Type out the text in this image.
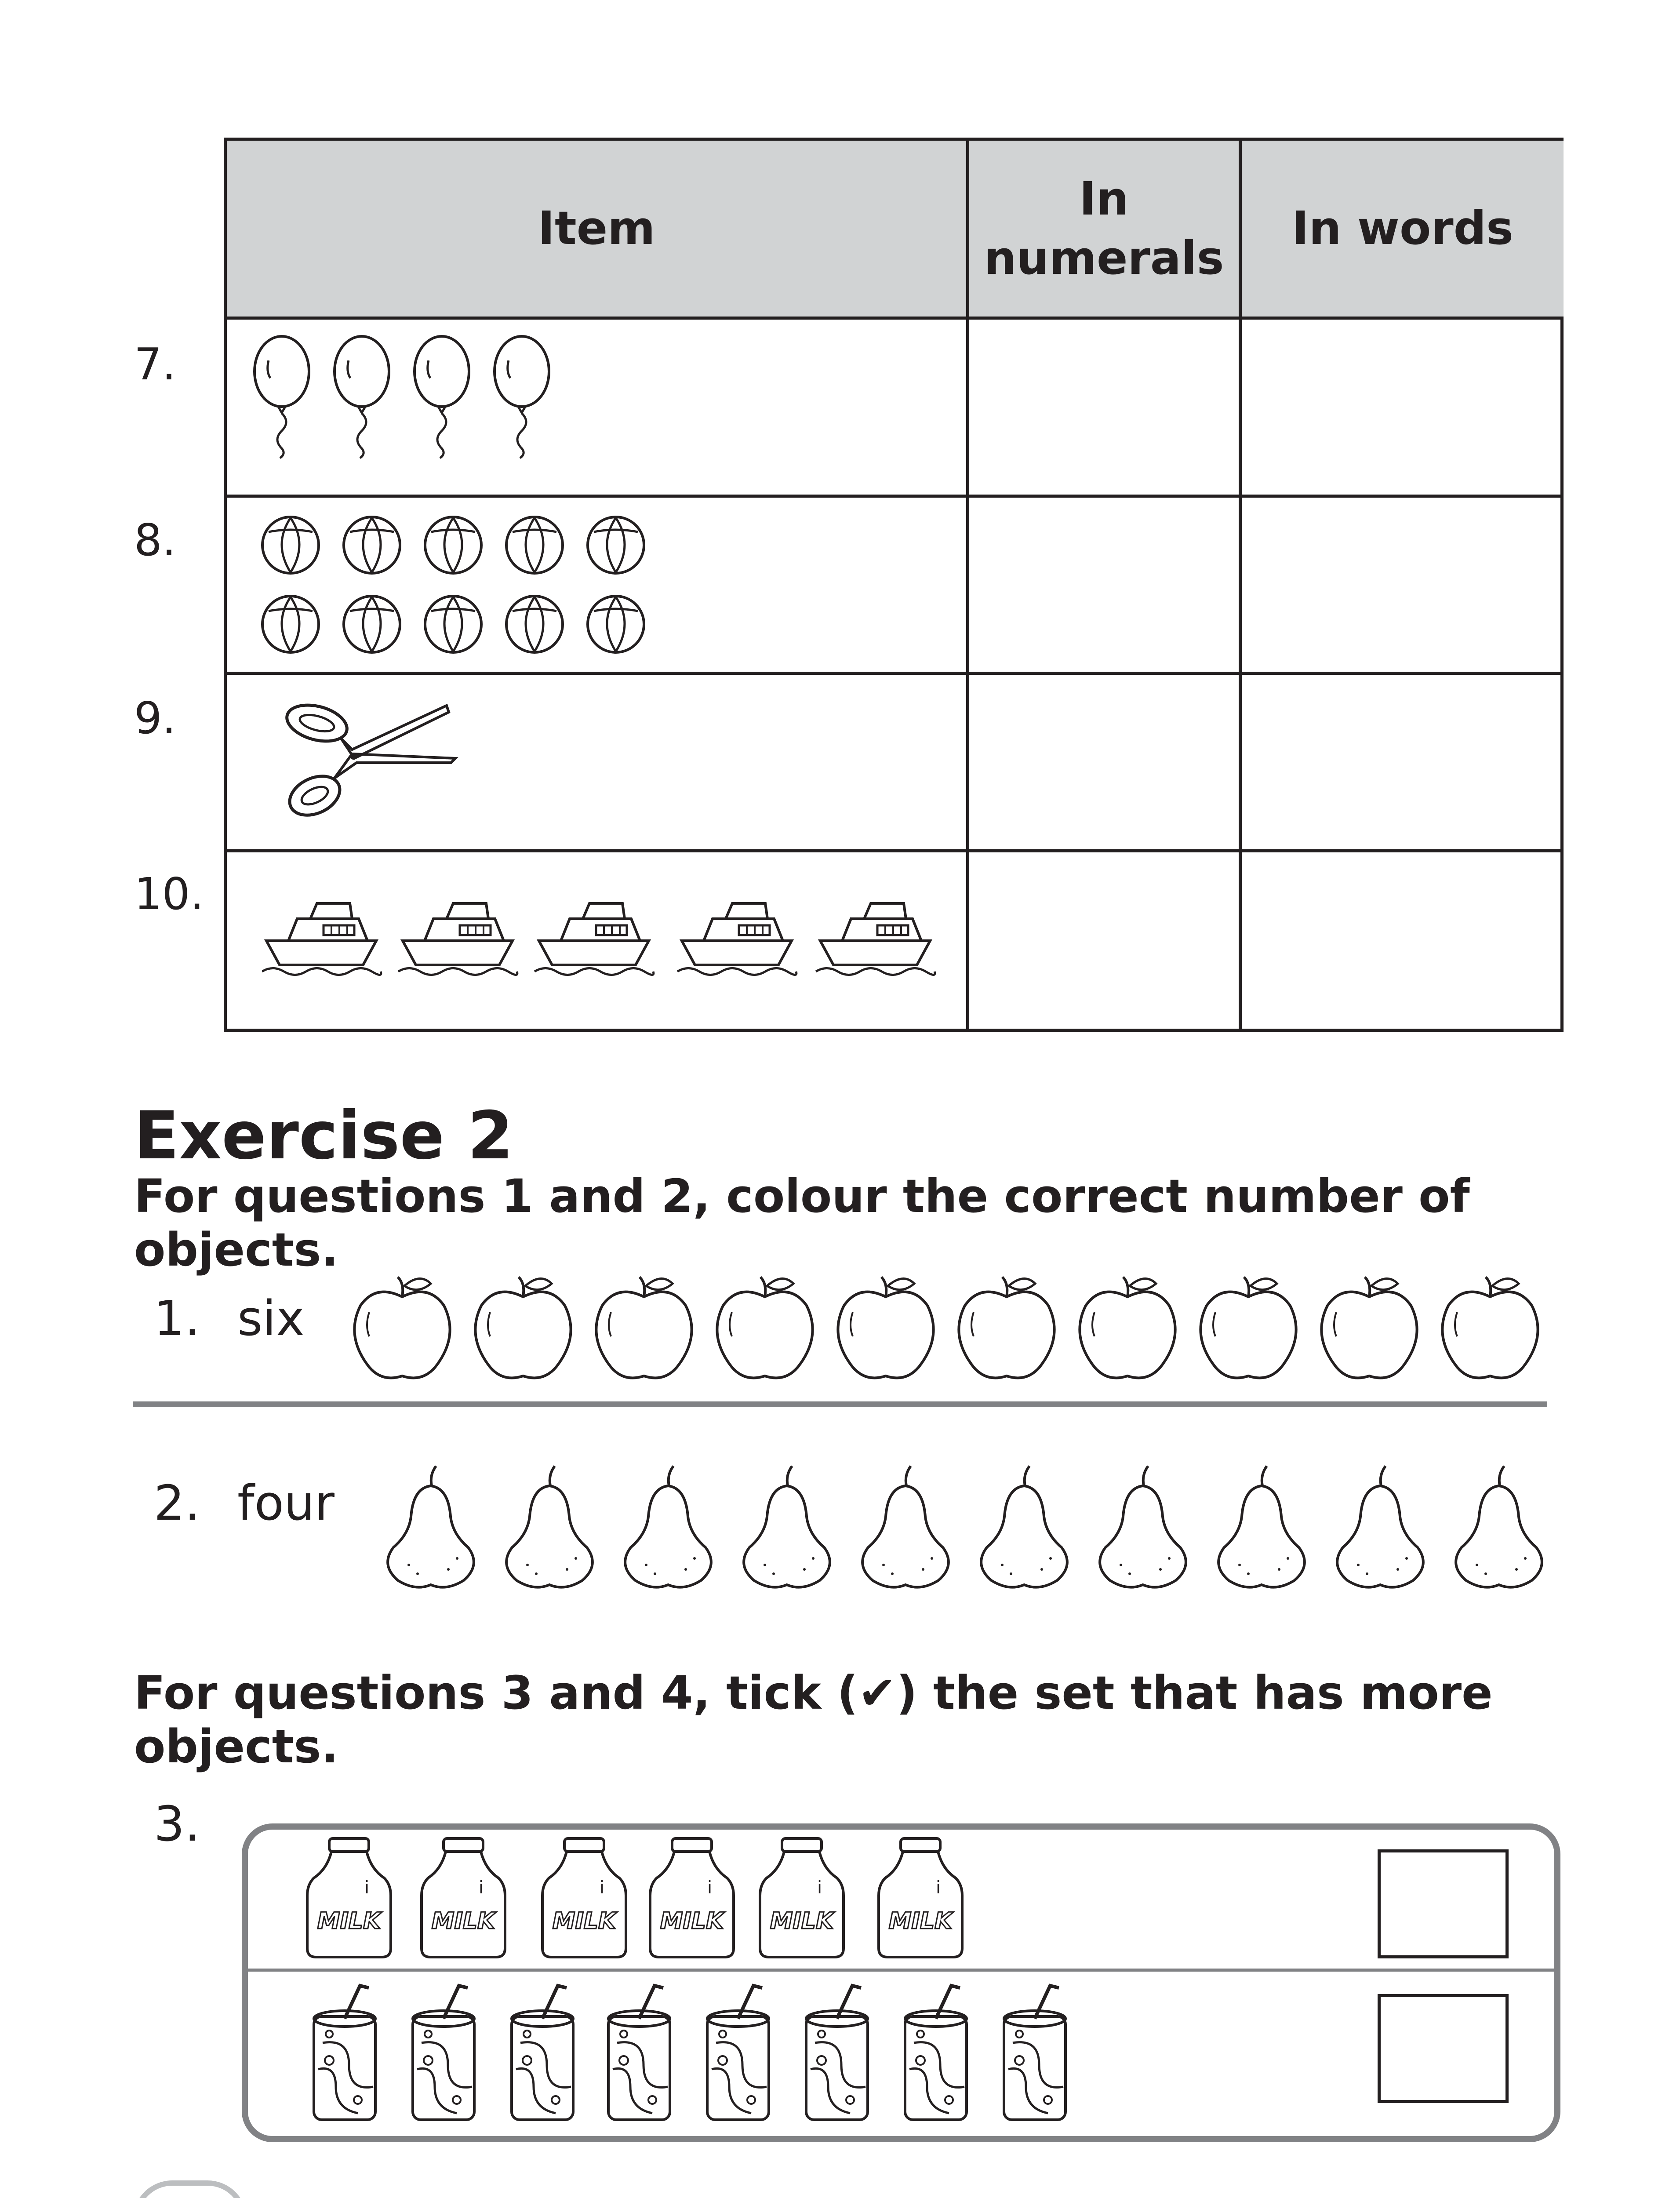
Item
In numerals
In words
7.
8.
9.
10.
Exercise 2
For questions 1 and 2, colour the correct number of objects.
1. six
2. four
For questions 3 and 4, tick (✔) the set that has more objects.
3.
